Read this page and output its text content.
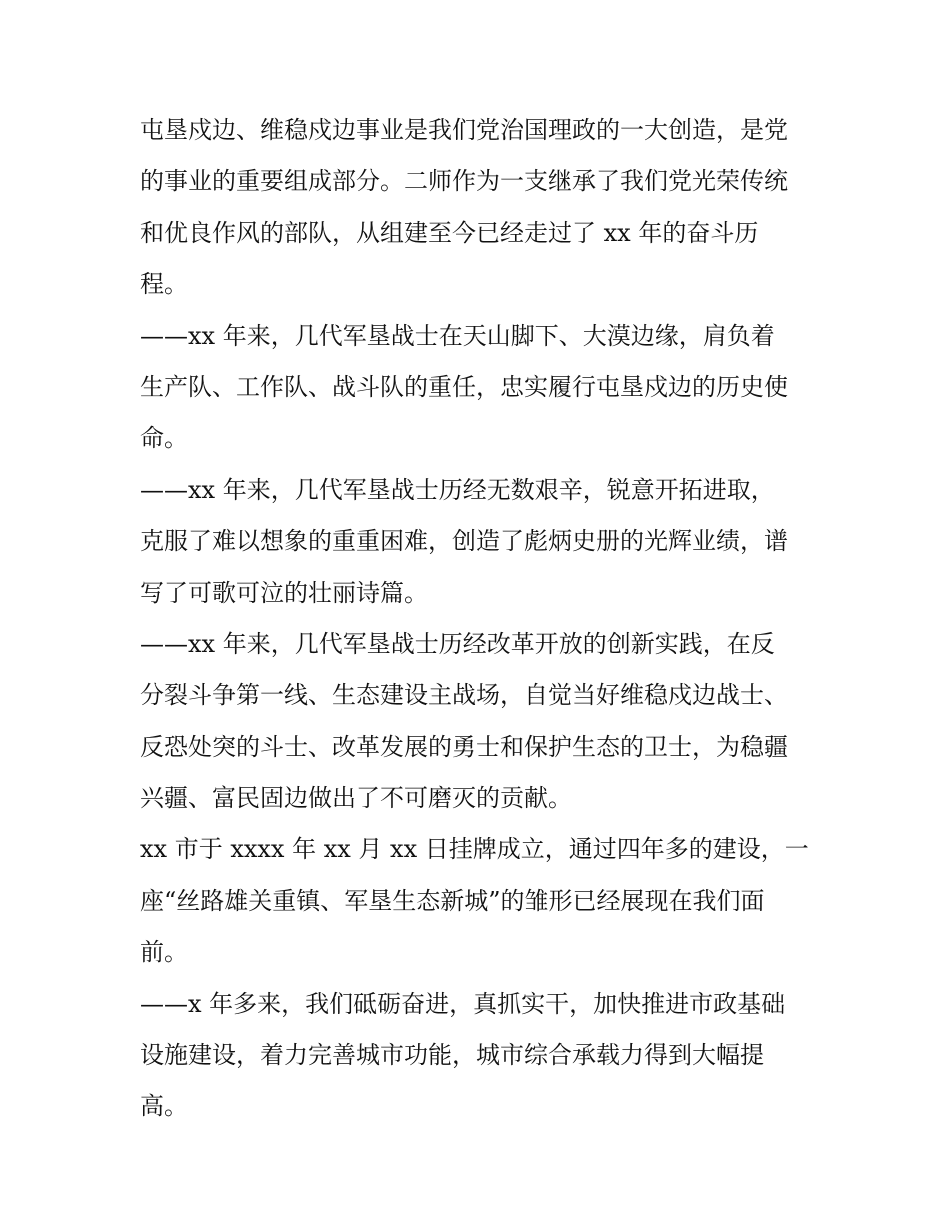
屯垦戍边、维稳戍边事业是我们党治国理政的一大创造，是党
的事业的重要组成部分。二师作为一支继承了我们党光荣传统
和优良作风的部队，从组建至今已经走过了 xx 年的奋斗历
程。
——xx 年来，几代军垦战士在天山脚下、大漠边缘，肩负着
生产队、工作队、战斗队的重任，忠实履行屯垦戍边的历史使
命。
——xx 年来，几代军垦战士历经无数艰辛，锐意开拓进取，
克服了难以想象的重重困难，创造了彪炳史册的光辉业绩，谱
写了可歌可泣的壮丽诗篇。
——xx 年来，几代军垦战士历经改革开放的创新实践，在反
分裂斗争第一线、生态建设主战场，自觉当好维稳戍边战士、
反恐处突的斗士、改革发展的勇士和保护生态的卫士，为稳疆
兴疆、富民固边做出了不可磨灭的贡献。
xx 市于 xxxx 年 xx 月 xx 日挂牌成立，通过四年多的建设，一
座“丝路雄关重镇、军垦生态新城”的雏形已经展现在我们面
前。
——x 年多来，我们砥砺奋进，真抓实干，加快推进市政基础
设施建设，着力完善城市功能，城市综合承载力得到大幅提
高。
